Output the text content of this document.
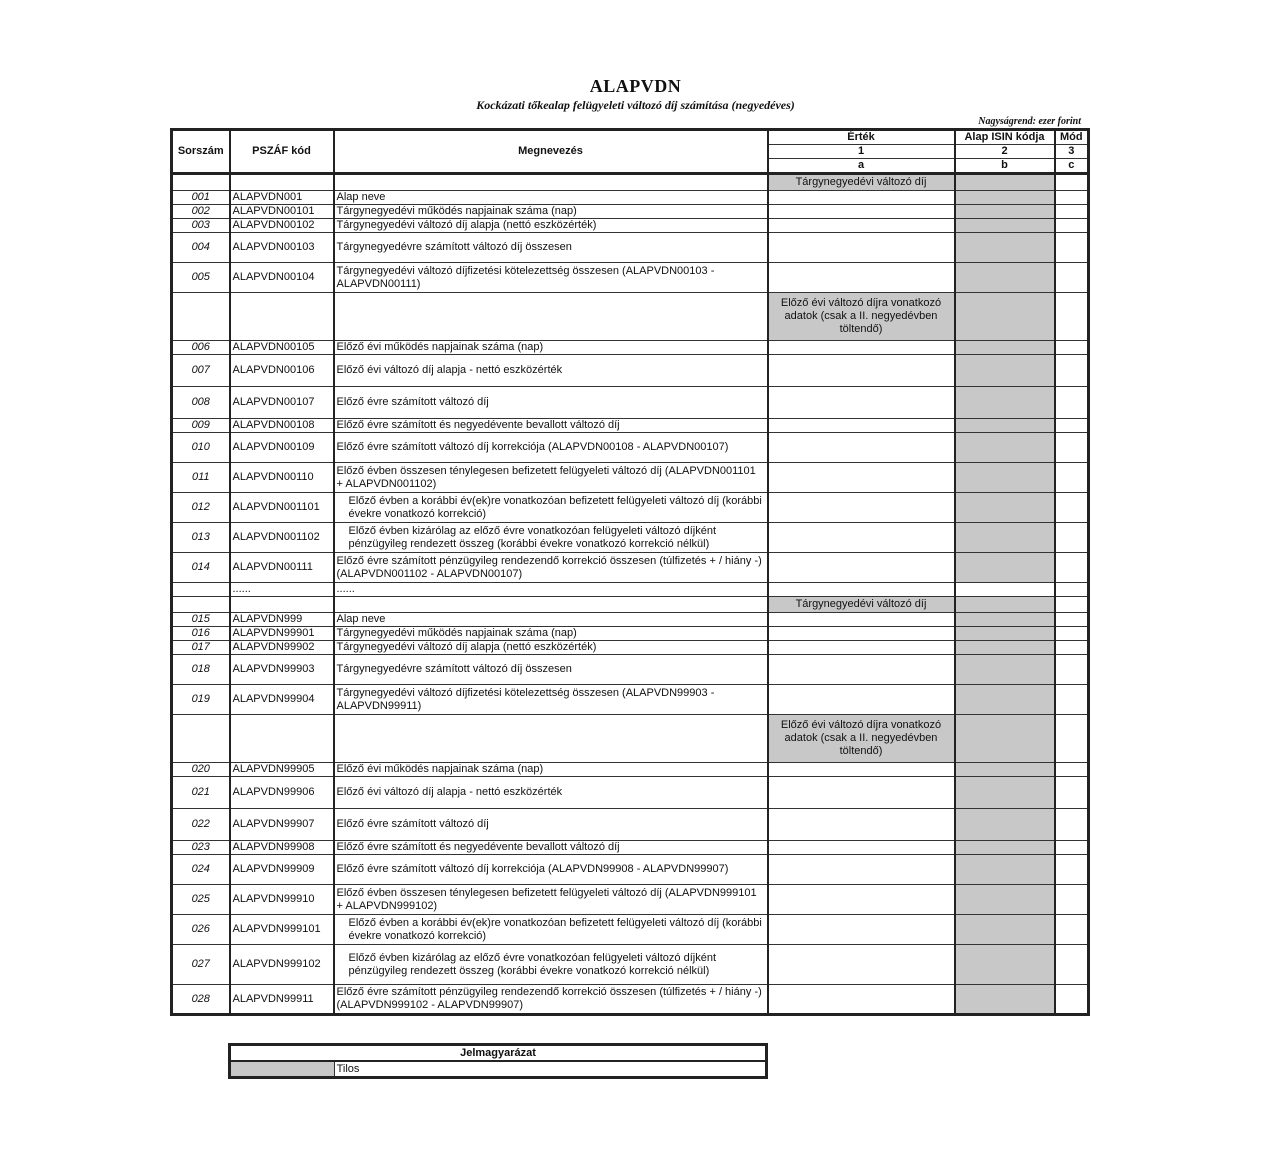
ALAPVDN
Kockázati tőkealap felügyeleti változó díj számítása (negyedéves)
Nagyságrend: ezer forint
Sorszám	PSZÁF kód	Megnevezés	Érték	Alap ISIN kódja	Mód
			1	2	3
			a	b	c
			Tárgynegyedévi változó díj		
001	ALAPVDN001	Alap neve			
002	ALAPVDN00101	Tárgynegyedévi működés napjainak száma (nap)			
003	ALAPVDN00102	Tárgynegyedévi változó díj alapja (nettó eszközérték)			
004	ALAPVDN00103	Tárgynegyedévre számított változó díj összesen			
005	ALAPVDN00104	Tárgynegyedévi változó díjfizetési kötelezettség összesen (ALAPVDN00103 - ALAPVDN00111)			
			Előző évi változó díjra vonatkozó adatok (csak a II. negyedévben töltendő)		
006	ALAPVDN00105	Előző évi működés napjainak száma (nap)			
007	ALAPVDN00106	Előző évi változó díj alapja - nettó eszközérték			
008	ALAPVDN00107	Előző évre számított változó díj			
009	ALAPVDN00108	Előző évre számított és negyedévente bevallott változó díj			
010	ALAPVDN00109	Előző évre számított változó díj korrekciója (ALAPVDN00108 - ALAPVDN00107)			
011	ALAPVDN00110	Előző évben összesen ténylegesen befizetett felügyeleti változó díj (ALAPVDN001101 + ALAPVDN001102)			
012	ALAPVDN001101	Előző évben a korábbi év(ek)re vonatkozóan befizetett felügyeleti változó díj (korábbi évekre vonatkozó korrekció)			
013	ALAPVDN001102	Előző évben kizárólag az előző évre vonatkozóan felügyeleti változó díjként pénzügyileg rendezett összeg (korábbi évekre vonatkozó korrekció nélkül)			
014	ALAPVDN00111	Előző évre számított pénzügyileg rendezendő korrekció összesen (túlfizetés + / hiány -) (ALAPVDN001102 - ALAPVDN00107)			
	......	......			
			Tárgynegyedévi változó díj		
015	ALAPVDN999	Alap neve			
016	ALAPVDN99901	Tárgynegyedévi működés napjainak száma (nap)			
017	ALAPVDN99902	Tárgynegyedévi változó díj alapja (nettó eszközérték)			
018	ALAPVDN99903	Tárgynegyedévre számított változó díj összesen			
019	ALAPVDN99904	Tárgynegyedévi változó díjfizetési kötelezettség összesen (ALAPVDN99903 - ALAPVDN99911)			
			Előző évi változó díjra vonatkozó adatok (csak a II. negyedévben töltendő)		
020	ALAPVDN99905	Előző évi működés napjainak száma (nap)			
021	ALAPVDN99906	Előző évi változó díj alapja - nettó eszközérték			
022	ALAPVDN99907	Előző évre számított változó díj			
023	ALAPVDN99908	Előző évre számított és negyedévente bevallott változó díj			
024	ALAPVDN99909	Előző évre számított változó díj korrekciója (ALAPVDN99908 - ALAPVDN99907)			
025	ALAPVDN99910	Előző évben összesen ténylegesen befizetett felügyeleti változó díj (ALAPVDN999101 + ALAPVDN999102)			
026	ALAPVDN999101	Előző évben a korábbi év(ek)re vonatkozóan befizetett felügyeleti változó díj (korábbi évekre vonatkozó korrekció)			
027	ALAPVDN999102	Előző évben kizárólag az előző évre vonatkozóan felügyeleti változó díjként pénzügyileg rendezett összeg (korábbi évekre vonatkozó korrekció nélkül)			
028	ALAPVDN99911	Előző évre számított pénzügyileg rendezendő korrekció összesen (túlfizetés + / hiány -) (ALAPVDN999102 - ALAPVDN99907)			
Jelmagyarázat
	Tilos
